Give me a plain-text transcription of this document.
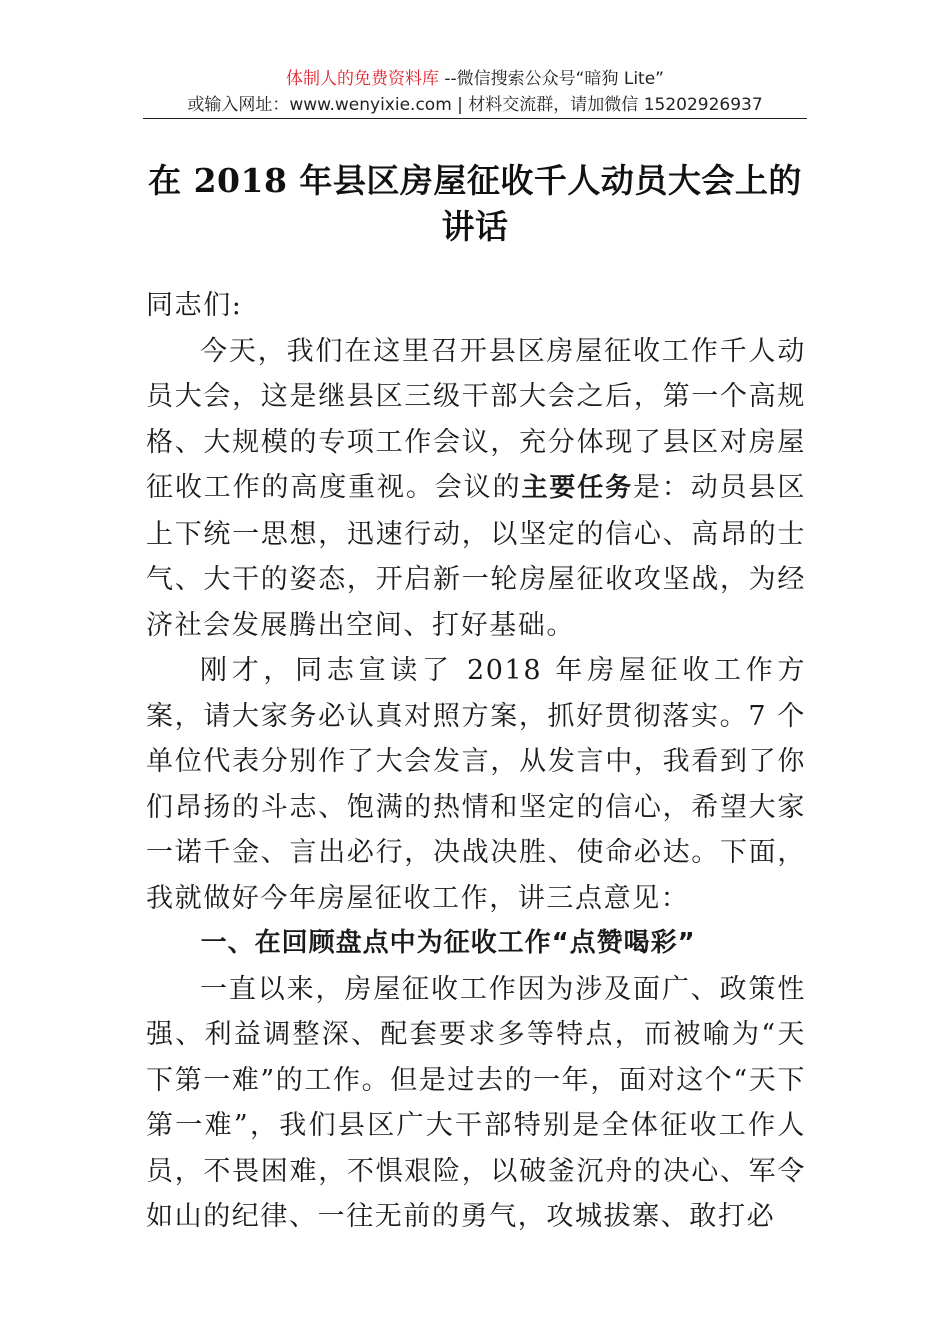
体制人的免费资料库 --微信搜索公众号“暗狗 Lite”
或输入网址：www.wenyixie.com | 材料交流群，请加微信 15202926937
在 2018 年县区房屋征收千人动员大会上的讲话

同志们:

今天，我们在这里召开县区房屋征收工作千人动员大会，这是继县区三级干部大会之后，第一个高规格、大规模的专项工作会议，充分体现了县区对房屋征收工作的高度重视。会议的主要任务是：动员县区上下统一思想，迅速行动，以坚定的信心、高昂的士气、大干的姿态，开启新一轮房屋征收攻坚战，为经济社会发展腾出空间、打好基础。

刚才，同志宣读了 2018 年房屋征收工作方案，请大家务必认真对照方案，抓好贯彻落实。7 个单位代表分别作了大会发言，从发言中，我看到了你们昂扬的斗志、饱满的热情和坚定的信心，希望大家一诺千金、言出必行，决战决胜、使命必达。下面，我就做好今年房屋征收工作，讲三点意见：

一、在回顾盘点中为征收工作“点赞喝彩”

一直以来，房屋征收工作因为涉及面广、政策性强、利益调整深、配套要求多等特点，而被喻为“天下第一难”的工作。但是过去的一年，面对这个“天下第一难”，我们县区广大干部特别是全体征收工作人员，不畏困难，不惧艰险，以破釜沉舟的决心、军令如山的纪律、一往无前的勇气，攻城拔寨、敢打必
